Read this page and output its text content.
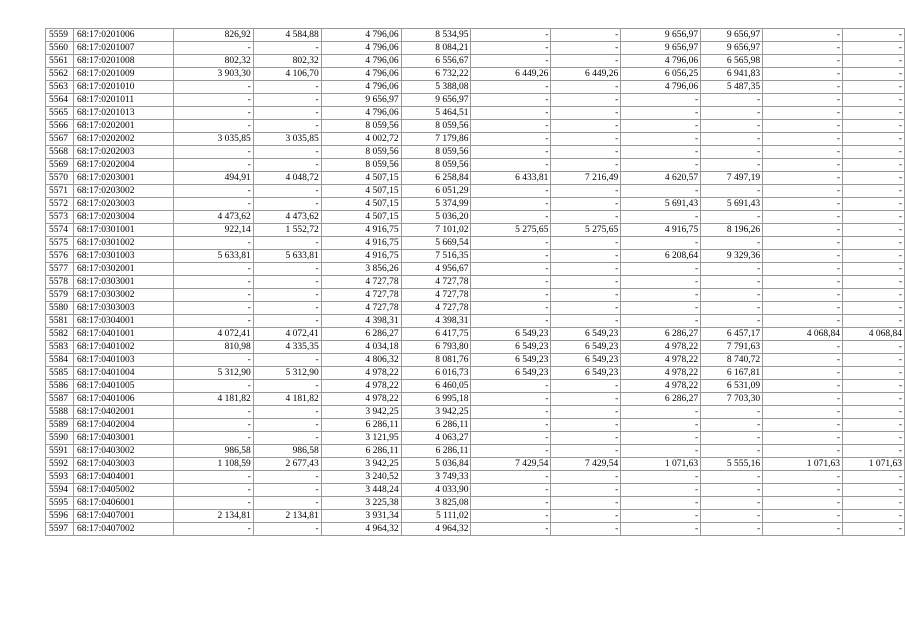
5559	68:17:0201006	826,92	4 584,88	4 796,06	8 534,95	-	-	9 656,97	9 656,97	-	-
5560	68:17:0201007	-	-	4 796,06	8 084,21	-	-	9 656,97	9 656,97	-	-
5561	68:17:0201008	802,32	802,32	4 796,06	6 556,67	-	-	4 796,06	6 565,98	-	-
5562	68:17:0201009	3 903,30	4 106,70	4 796,06	6 732,22	6 449,26	6 449,26	6 056,25	6 941,83	-	-
5563	68:17:0201010	-	-	4 796,06	5 388,08	-	-	4 796,06	5 487,35	-	-
5564	68:17:0201011	-	-	9 656,97	9 656,97	-	-	-	-	-	-
5565	68:17:0201013	-	-	4 796,06	5 464,51	-	-	-	-	-	-
5566	68:17:0202001	-	-	8 059,56	8 059,56	-	-	-	-	-	-
5567	68:17:0202002	3 035,85	3 035,85	4 002,72	7 179,86	-	-	-	-	-	-
5568	68:17:0202003	-	-	8 059,56	8 059,56	-	-	-	-	-	-
5569	68:17:0202004	-	-	8 059,56	8 059,56	-	-	-	-	-	-
5570	68:17:0203001	494,91	4 048,72	4 507,15	6 258,84	6 433,81	7 216,49	4 620,57	7 497,19	-	-
5571	68:17:0203002	-	-	4 507,15	6 051,29	-	-	-	-	-	-
5572	68:17:0203003	-	-	4 507,15	5 374,99	-	-	5 691,43	5 691,43	-	-
5573	68:17:0203004	4 473,62	4 473,62	4 507,15	5 036,20	-	-	-	-	-	-
5574	68:17:0301001	922,14	1 552,72	4 916,75	7 101,02	5 275,65	5 275,65	4 916,75	8 196,26	-	-
5575	68:17:0301002	-	-	4 916,75	5 669,54	-	-	-	-	-	-
5576	68:17:0301003	5 633,81	5 633,81	4 916,75	7 516,35	-	-	6 208,64	9 329,36	-	-
5577	68:17:0302001	-	-	3 856,26	4 956,67	-	-	-	-	-	-
5578	68:17:0303001	-	-	4 727,78	4 727,78	-	-	-	-	-	-
5579	68:17:0303002	-	-	4 727,78	4 727,78	-	-	-	-	-	-
5580	68:17:0303003	-	-	4 727,78	4 727,78	-	-	-	-	-	-
5581	68:17:0304001	-	-	4 398,31	4 398,31	-	-	-	-	-	-
5582	68:17:0401001	4 072,41	4 072,41	6 286,27	6 417,75	6 549,23	6 549,23	6 286,27	6 457,17	4 068,84	4 068,84
5583	68:17:0401002	810,98	4 335,35	4 034,18	6 793,80	6 549,23	6 549,23	4 978,22	7 791,63	-	-
5584	68:17:0401003	-	-	4 806,32	8 081,76	6 549,23	6 549,23	4 978,22	8 740,72	-	-
5585	68:17:0401004	5 312,90	5 312,90	4 978,22	6 016,73	6 549,23	6 549,23	4 978,22	6 167,81	-	-
5586	68:17:0401005	-	-	4 978,22	6 460,05	-	-	4 978,22	6 531,09	-	-
5587	68:17:0401006	4 181,82	4 181,82	4 978,22	6 995,18	-	-	6 286,27	7 703,30	-	-
5588	68:17:0402001	-	-	3 942,25	3 942,25	-	-	-	-	-	-
5589	68:17:0402004	-	-	6 286,11	6 286,11	-	-	-	-	-	-
5590	68:17:0403001	-	-	3 121,95	4 063,27	-	-	-	-	-	-
5591	68:17:0403002	986,58	986,58	6 286,11	6 286,11	-	-	-	-	-	-
5592	68:17:0403003	1 108,59	2 677,43	3 942,25	5 036,84	7 429,54	7 429,54	1 071,63	5 555,16	1 071,63	1 071,63
5593	68:17:0404001	-	-	3 240,52	3 749,33	-	-	-	-	-	-
5594	68:17:0405002	-	-	3 448,24	4 033,90	-	-	-	-	-	-
5595	68:17:0406001	-	-	3 225,38	3 825,08	-	-	-	-	-	-
5596	68:17:0407001	2 134,81	2 134,81	3 931,34	5 111,02	-	-	-	-	-	-
5597	68:17:0407002	-	-	4 964,32	4 964,32	-	-	-	-	-	-
